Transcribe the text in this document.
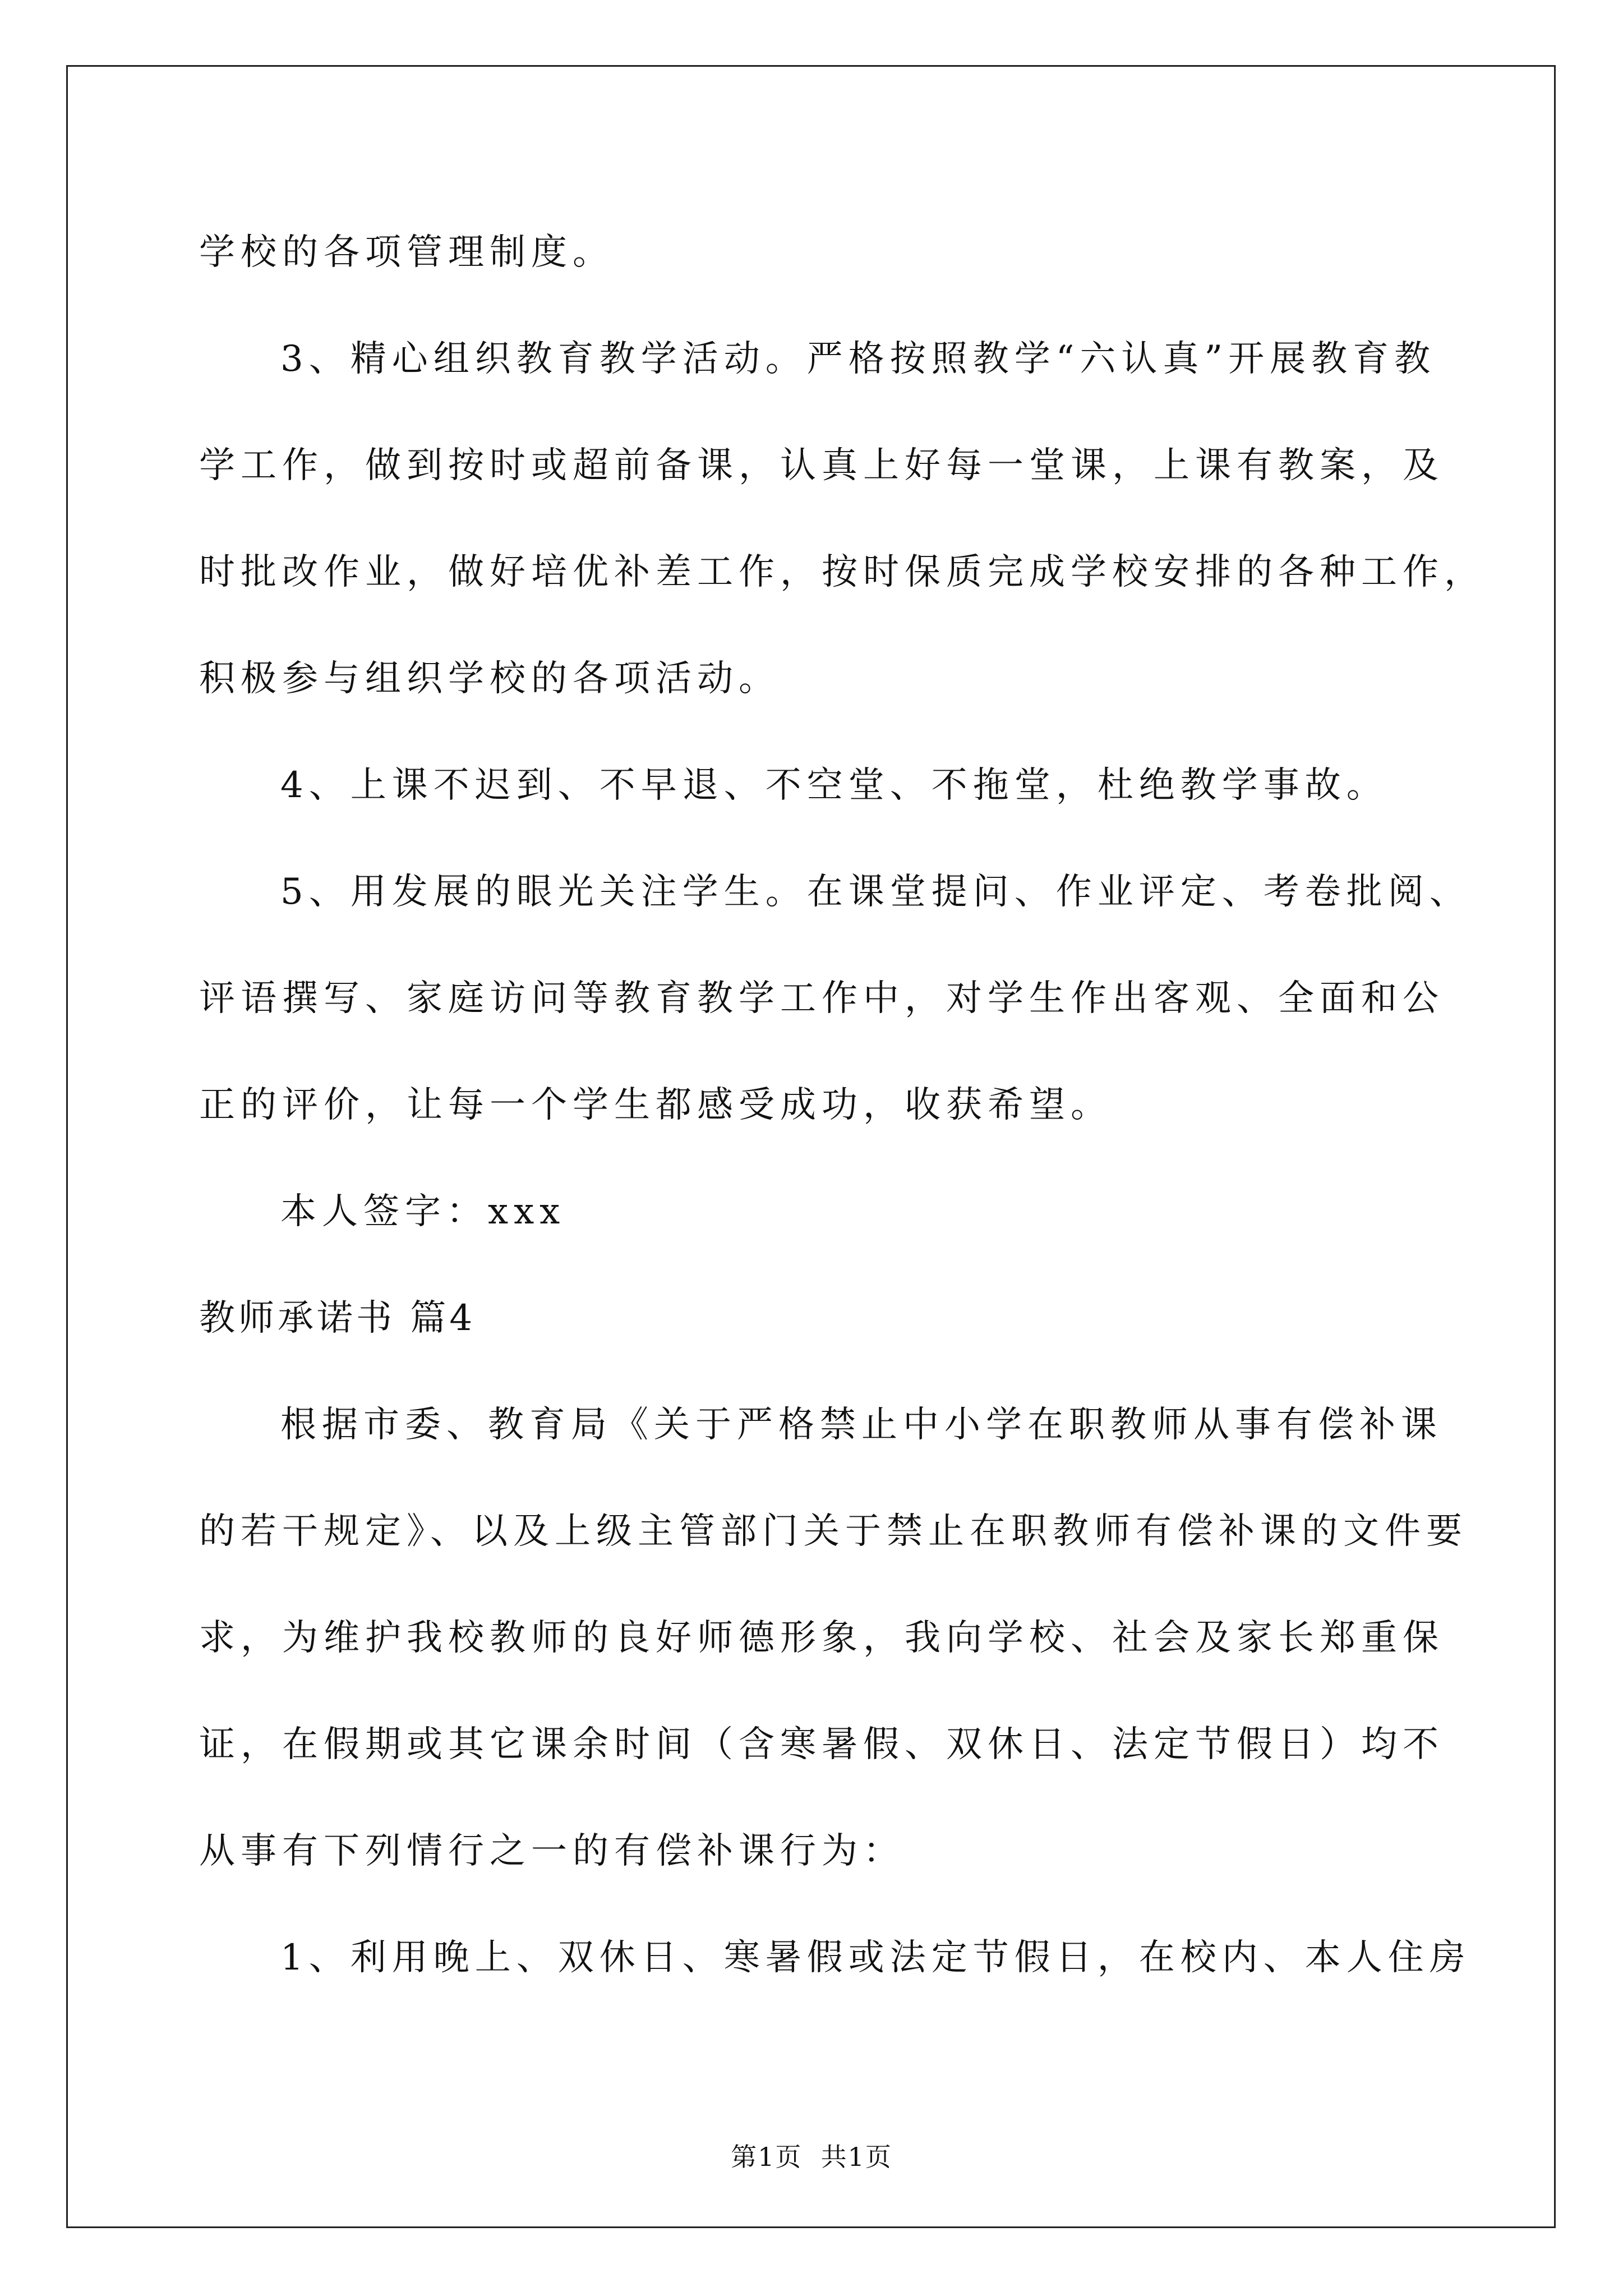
学校的各项管理制度。
3、精心组织教育教学活动。严格按照教学“六认真”开展教育教
学工作，做到按时或超前备课，认真上好每一堂课，上课有教案，及
时批改作业，做好培优补差工作，按时保质完成学校安排的各种工作，
积极参与组织学校的各项活动。
4、上课不迟到、不早退、不空堂、不拖堂，杜绝教学事故。
5、用发展的眼光关注学生。在课堂提问、作业评定、考卷批阅、
评语撰写、家庭访问等教育教学工作中，对学生作出客观、全面和公
正的评价，让每一个学生都感受成功，收获希望。
本人签字：xxx
教师承诺书 篇4
根据市委、教育局《关于严格禁止中小学在职教师从事有偿补课
的若干规定》、以及上级主管部门关于禁止在职教师有偿补课的文件要
求，为维护我校教师的良好师德形象，我向学校、社会及家长郑重保
证，在假期或其它课余时间（含寒暑假、双休日、法定节假日）均不
从事有下列情行之一的有偿补课行为：
1、利用晚上、双休日、寒暑假或法定节假日，在校内、本人住房
第1页  共1页
